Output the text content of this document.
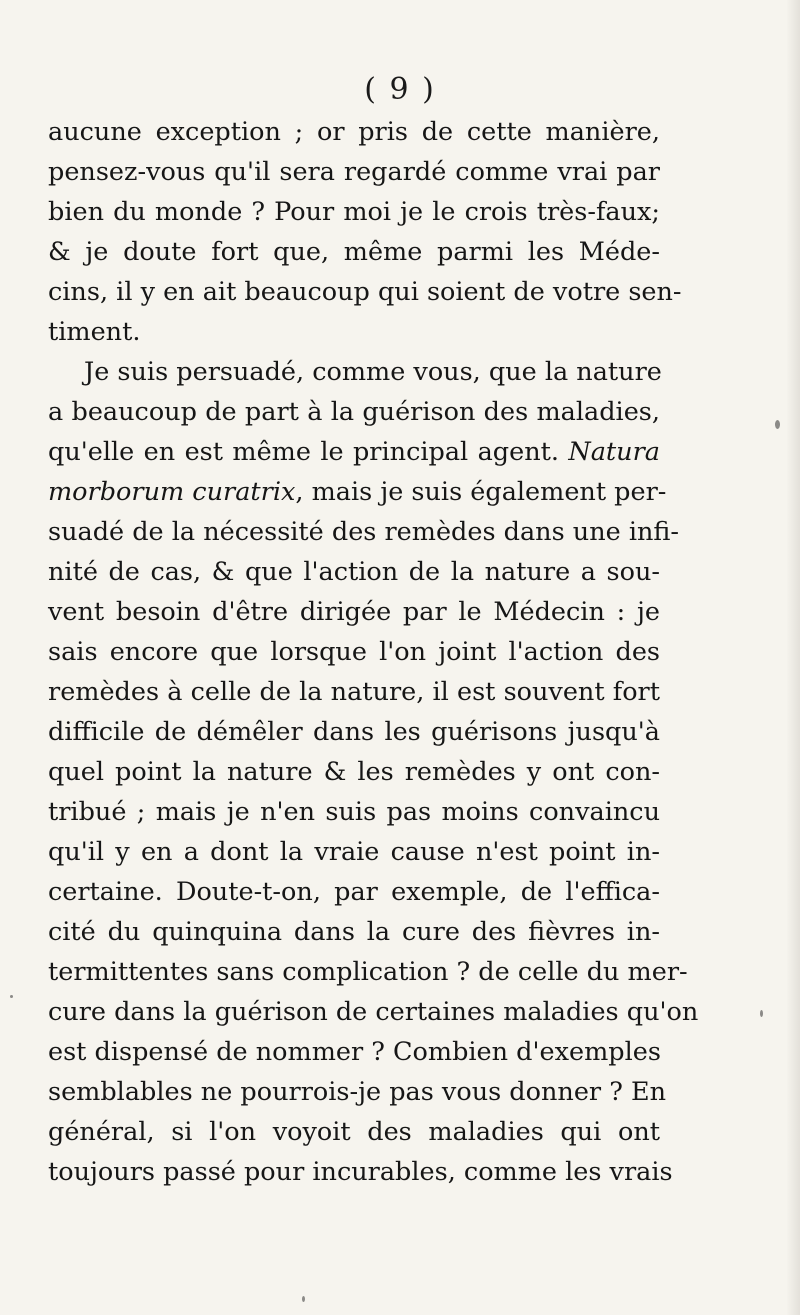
( 9 )
aucune exception ; or pris de cette manière,
pensez-vous qu'il sera regardé comme vrai par
bien du monde ? Pour moi je le crois très-faux;
& je doute fort que, même parmi les Méde-
cins, il y en ait beaucoup qui soient de votre sen-
timent.
Je suis persuadé, comme vous, que la nature
a beaucoup de part à la guérison des maladies,
qu'elle en est même le principal agent. Natura
morborum curatrix, mais je suis également per-
suadé de la nécessité des remèdes dans une infi-
nité de cas, & que l'action de la nature a sou-
vent besoin d'être dirigée par le Médecin : je
sais encore que lorsque l'on joint l'action des
remèdes à celle de la nature, il est souvent fort
difficile de démêler dans les guérisons jusqu'à
quel point la nature & les remèdes y ont con-
tribué ; mais je n'en suis pas moins convaincu
qu'il y en a dont la vraie cause n'est point in-
certaine. Doute-t-on, par exemple, de l'effica-
cité du quinquina dans la cure des fièvres in-
termittentes sans complication ? de celle du mer-
cure dans la guérison de certaines maladies qu'on
est dispensé de nommer ? Combien d'exemples
semblables ne pourrois-je pas vous donner ? En
général, si l'on voyoit des maladies qui ont
toujours passé pour incurables, comme les vrais
